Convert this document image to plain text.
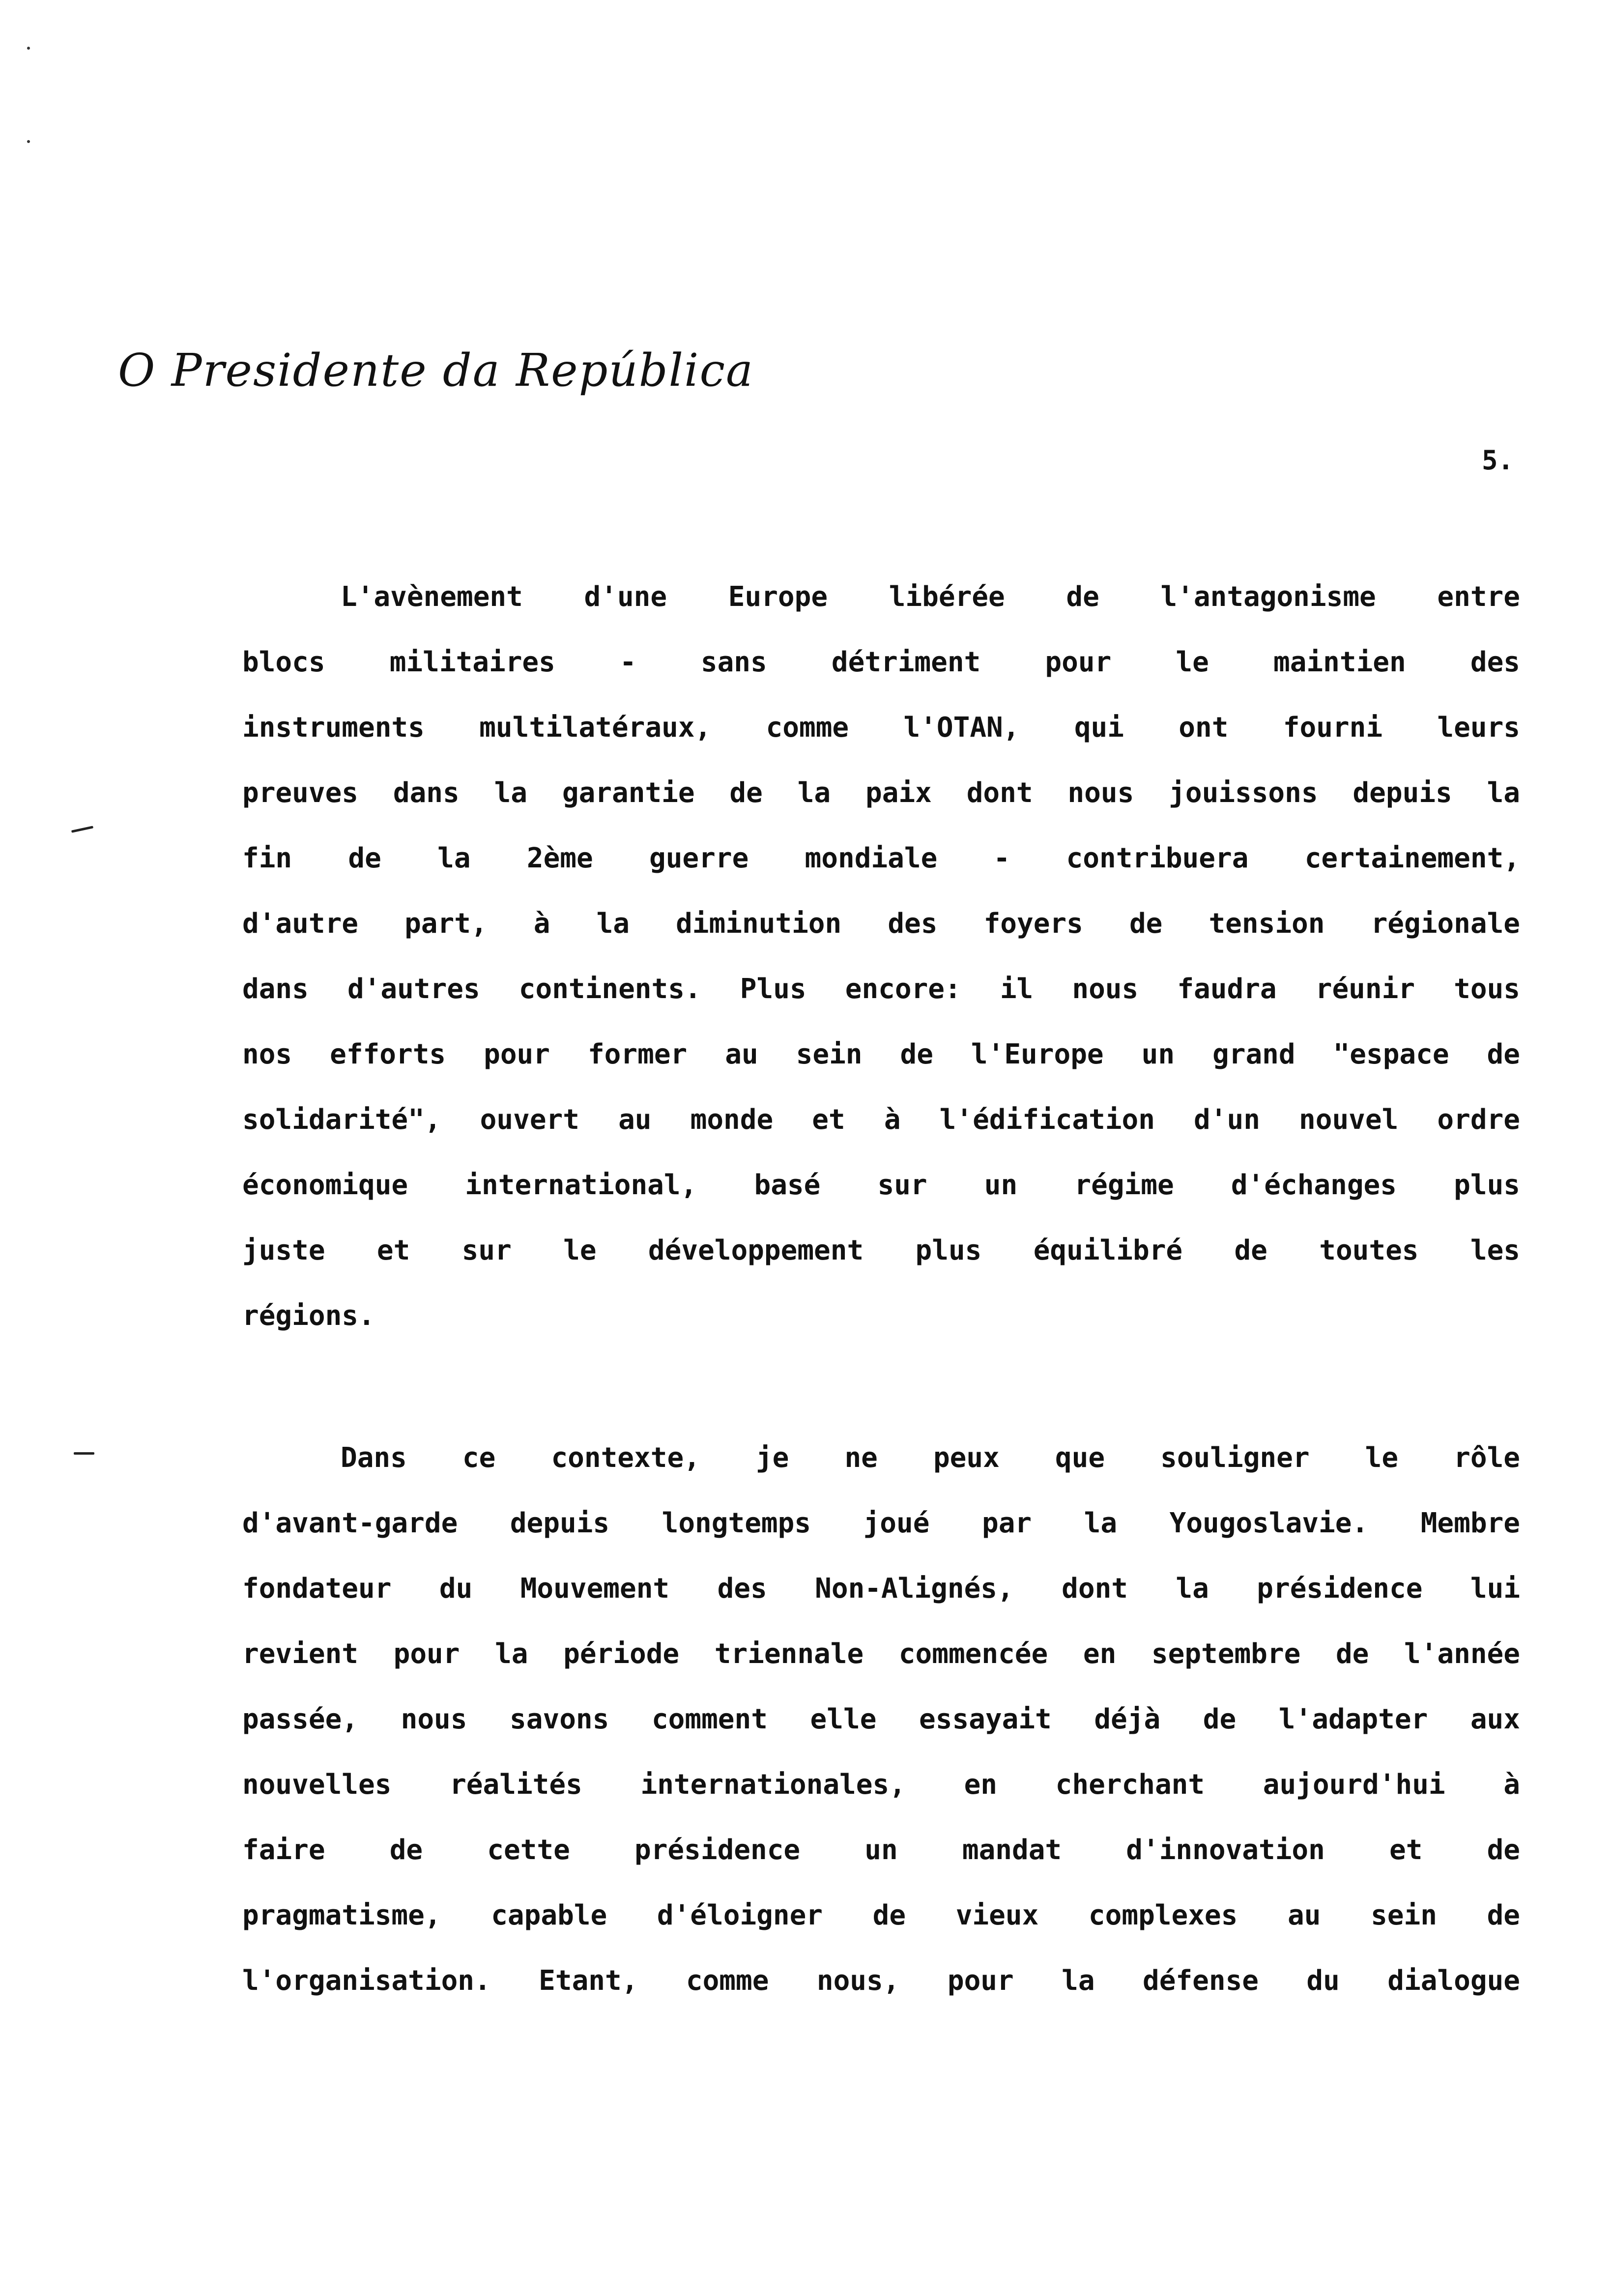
O Presidente da República
5.
L'avènement d'une Europe libérée de l'antagonisme entre
blocs militaires - sans détriment pour le maintien des
instruments multilatéraux, comme l'OTAN, qui ont fourni leurs
preuves dans la garantie de la paix dont nous jouissons depuis la
fin de la 2ème guerre mondiale - contribuera certainement,
d'autre part, à la diminution des foyers de tension régionale
dans d'autres continents. Plus encore: il nous faudra réunir tous
nos efforts pour former au sein de l'Europe un grand "espace de
solidarité", ouvert au monde et à l'édification d'un nouvel ordre
économique international, basé sur un régime d'échanges plus
juste et sur le développement plus équilibré de toutes les
régions.
Dans ce contexte, je ne peux que souligner le rôle
d'avant-garde depuis longtemps joué par la Yougoslavie. Membre
fondateur du Mouvement des Non-Alignés, dont la présidence lui
revient pour la période triennale commencée en septembre de l'année
passée, nous savons comment elle essayait déjà de l'adapter aux
nouvelles réalités internationales, en cherchant aujourd'hui à
faire de cette présidence un mandat d'innovation et de
pragmatisme, capable d'éloigner de vieux complexes au sein de
l'organisation. Etant, comme nous, pour la défense du dialogue
